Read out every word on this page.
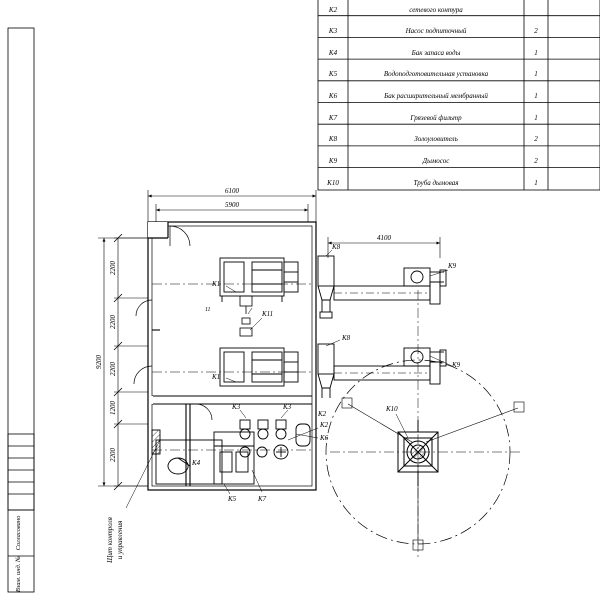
K2	сетевого контура
K3	Насос подпиточный	2
K4	Бак запаса воды	1
K5	Водоподготовительная установка	1
K6	Бак расширительный мембранный	1
K7	Грязевой фильтр	1
K8	Золоуловитель	2
K9	Дымосос	2
K10	Труба дымовая	1
6100
5900
4100
9200
2200
2200
2200
1200
2200
K1
K11
K1
K8
K8
K9
K9
K10
K3	K3
K2
K2
K6
K4
K5	K7
11
Щит контроля и управления
Согласовано
Взам. инд. №
